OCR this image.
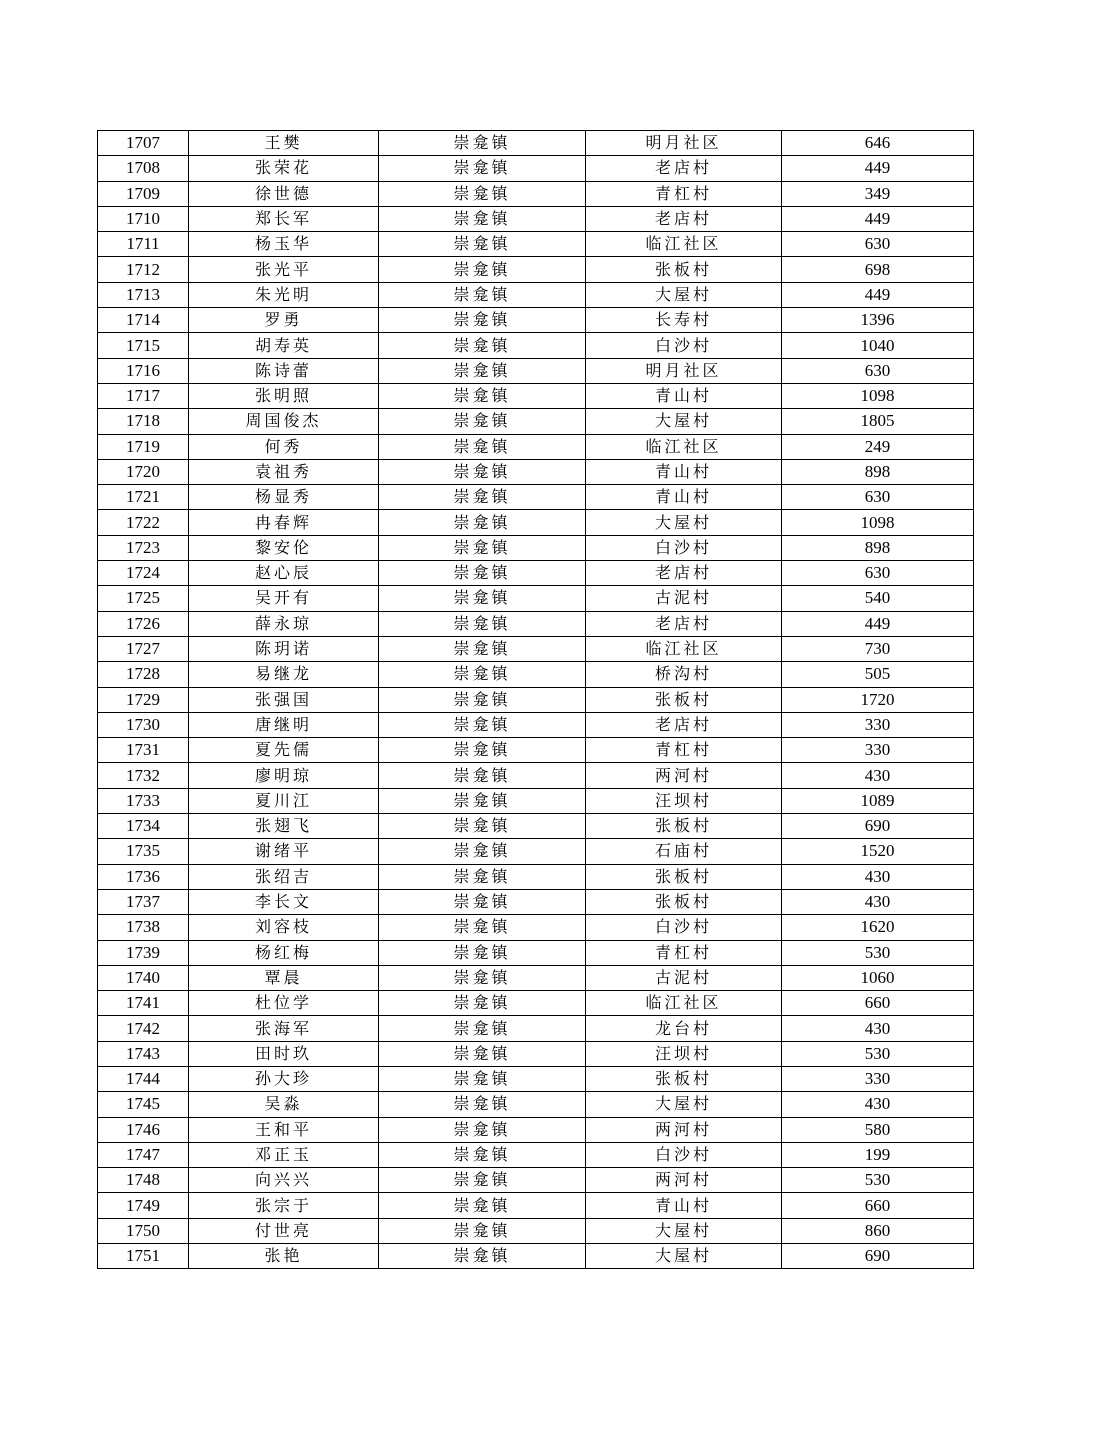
1707	王樊	崇龛镇	明月社区	646
1708	张荣花	崇龛镇	老店村	449
1709	徐世德	崇龛镇	青杠村	349
1710	郑长军	崇龛镇	老店村	449
1711	杨玉华	崇龛镇	临江社区	630
1712	张光平	崇龛镇	张板村	698
1713	朱光明	崇龛镇	大屋村	449
1714	罗勇	崇龛镇	长寿村	1396
1715	胡寿英	崇龛镇	白沙村	1040
1716	陈诗蕾	崇龛镇	明月社区	630
1717	张明照	崇龛镇	青山村	1098
1718	周国俊杰	崇龛镇	大屋村	1805
1719	何秀	崇龛镇	临江社区	249
1720	袁祖秀	崇龛镇	青山村	898
1721	杨显秀	崇龛镇	青山村	630
1722	冉春辉	崇龛镇	大屋村	1098
1723	黎安伦	崇龛镇	白沙村	898
1724	赵心辰	崇龛镇	老店村	630
1725	吴开有	崇龛镇	古泥村	540
1726	薛永琼	崇龛镇	老店村	449
1727	陈玥诺	崇龛镇	临江社区	730
1728	易继龙	崇龛镇	桥沟村	505
1729	张强国	崇龛镇	张板村	1720
1730	唐继明	崇龛镇	老店村	330
1731	夏先儒	崇龛镇	青杠村	330
1732	廖明琼	崇龛镇	两河村	430
1733	夏川江	崇龛镇	汪坝村	1089
1734	张翅飞	崇龛镇	张板村	690
1735	谢绪平	崇龛镇	石庙村	1520
1736	张绍吉	崇龛镇	张板村	430
1737	李长文	崇龛镇	张板村	430
1738	刘容枝	崇龛镇	白沙村	1620
1739	杨红梅	崇龛镇	青杠村	530
1740	覃晨	崇龛镇	古泥村	1060
1741	杜位学	崇龛镇	临江社区	660
1742	张海军	崇龛镇	龙台村	430
1743	田时玖	崇龛镇	汪坝村	530
1744	孙大珍	崇龛镇	张板村	330
1745	吴淼	崇龛镇	大屋村	430
1746	王和平	崇龛镇	两河村	580
1747	邓正玉	崇龛镇	白沙村	199
1748	向兴兴	崇龛镇	两河村	530
1749	张宗于	崇龛镇	青山村	660
1750	付世亮	崇龛镇	大屋村	860
1751	张艳	崇龛镇	大屋村	690
